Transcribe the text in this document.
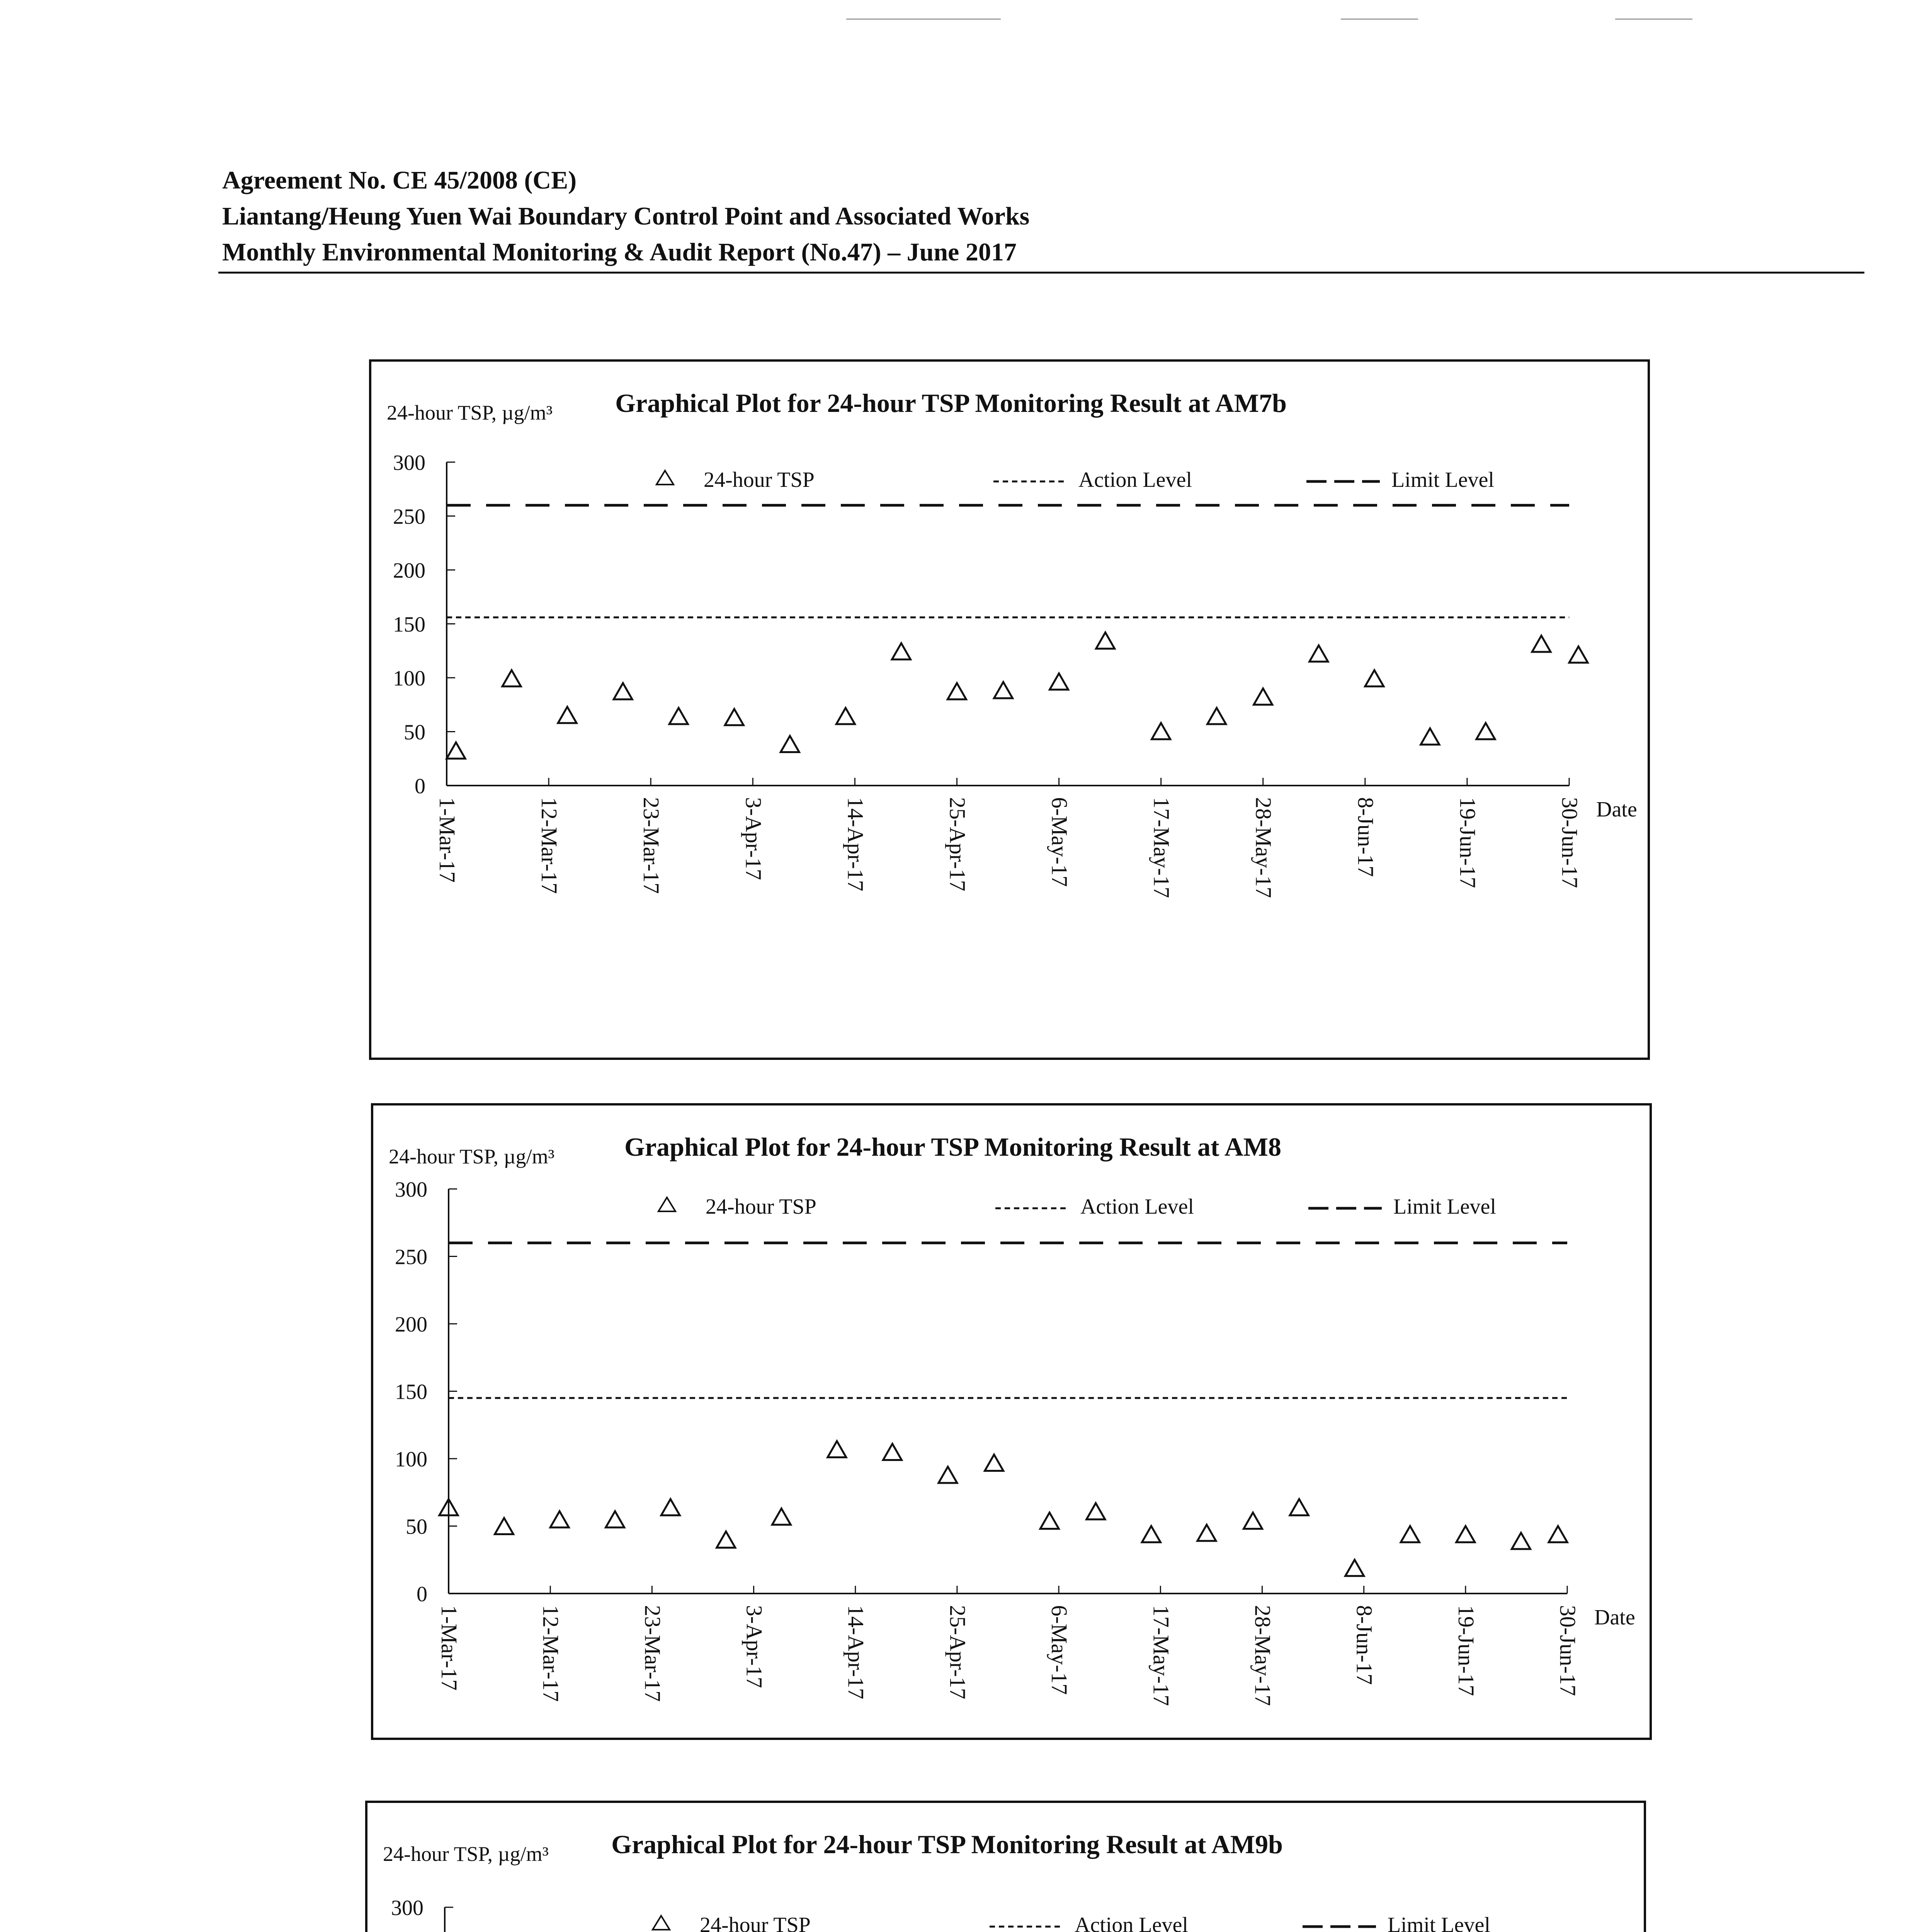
Agreement No. CE 45/2008 (CE)
Liantang/Heung Yuen Wai Boundary Control Point and Associated Works
Monthly Environmental Monitoring & Audit Report (No.47) – June 2017
Graphical Plot for 24-hour TSP Monitoring Result at AM7b
24-hour TSP, µg/m³
0
50
100
150
200
250
300
1-Mar-17	12-Mar-17	23-Mar-17	3-Apr-17	14-Apr-17	25-Apr-17	6-May-17	17-May-17	28-May-17	8-Jun-17	19-Jun-17	30-Jun-17 Date
24-hour TSP	Action Level	Limit Level
Graphical Plot for 24-hour TSP Monitoring Result at AM8
24-hour TSP, µg/m³
0
50
100
150
200
250
300
1-Mar-17	12-Mar-17	23-Mar-17	3-Apr-17	14-Apr-17	25-Apr-17	6-May-17	17-May-17	28-May-17	8-Jun-17	19-Jun-17	30-Jun-17 Date
24-hour TSP	Action Level	Limit Level
Graphical Plot for 24-hour TSP Monitoring Result at AM9b
24-hour TSP, µg/m³
300
24-hour TSP	Action Level	Limit Level
